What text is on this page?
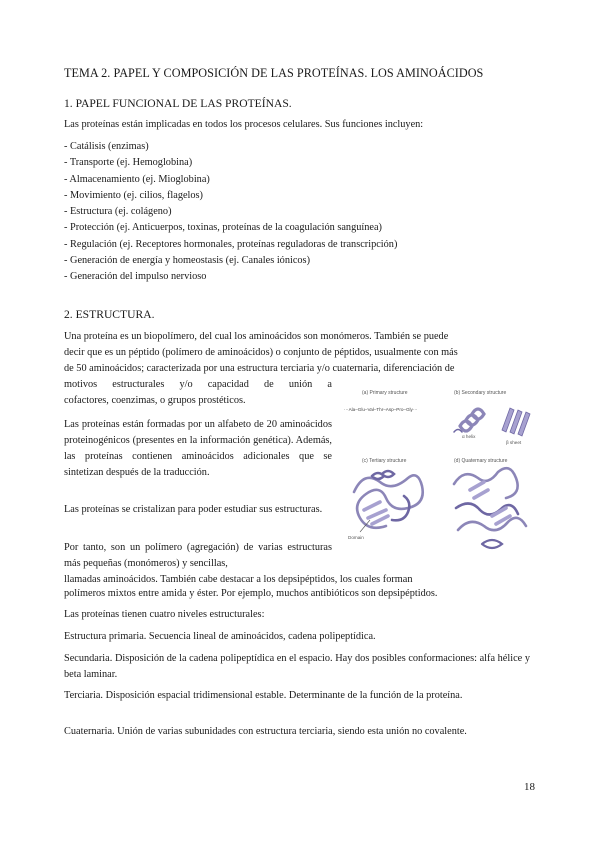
TEMA 2. PAPEL Y COMPOSICIÓN DE LAS PROTEÍNAS. LOS AMINOÁCIDOS
1. PAPEL FUNCIONAL DE LAS PROTEÍNAS.
Las proteínas están implicadas en todos los procesos celulares. Sus funciones incluyen:
- Catálisis (enzimas)
- Transporte (ej. Hemoglobina)
- Almacenamiento (ej. Mioglobina)
- Movimiento (ej. cilios, flagelos)
- Estructura (ej. colágeno)
- Protección (ej. Anticuerpos, toxinas, proteínas de la coagulación sanguínea)
- Regulación (ej. Receptores hormonales, proteínas reguladoras de transcripción)
- Generación de energía y homeostasis (ej. Canales iónicos)
- Generación del impulso nervioso
2. ESTRUCTURA.
Una proteína es un biopolímero, del cual los aminoácidos son monómeros. También se puede
decir que es un péptido (polímero de aminoácidos) o conjunto de péptidos, usualmente con más
de 50 aminoácidos; caracterizada por una estructura terciaria y/o cuaternaria, diferenciación de
motivos estructurales y/o capacidad de unión a
cofactores, coenzimas, o grupos prostéticos.
Las proteínas están formadas por un alfabeto de 20 aminoácidos proteinogénicos (presentes en la información genética). Además, las proteínas contienen aminoácidos adicionales que se sintetizan después de la traducción.
Las proteínas se cristalizan para poder estudiar sus estructuras.
Por tanto, son un polímero (agregación) de varias estructuras más pequeñas (monómeros) y sencillas,
llamadas aminoácidos. También cabe destacar a los depsipéptidos, los cuales forman
polímeros mixtos entre amida y éster. Por ejemplo, muchos antibióticos son depsipéptidos.
Las proteínas tienen cuatro niveles estructurales:
Estructura primaria. Secuencia lineal de aminoácidos, cadena polipeptídica.
Secundaria. Disposición de la cadena polipeptídica en el espacio. Hay dos posibles conformaciones: alfa hélice y beta laminar.
Terciaria. Disposición espacial tridimensional estable. Determinante de la función de la proteína.
Cuaternaria. Unión de varias subunidades con estructura terciaria, siendo esta unión no covalente.
(a) Primary structure
···Ala–Glu–Val–Thr–Asp–Pro–Gly···
(b) Secondary structure
α helix
β sheet
(c) Tertiary structure
Domain
(d) Quaternary structure
18
